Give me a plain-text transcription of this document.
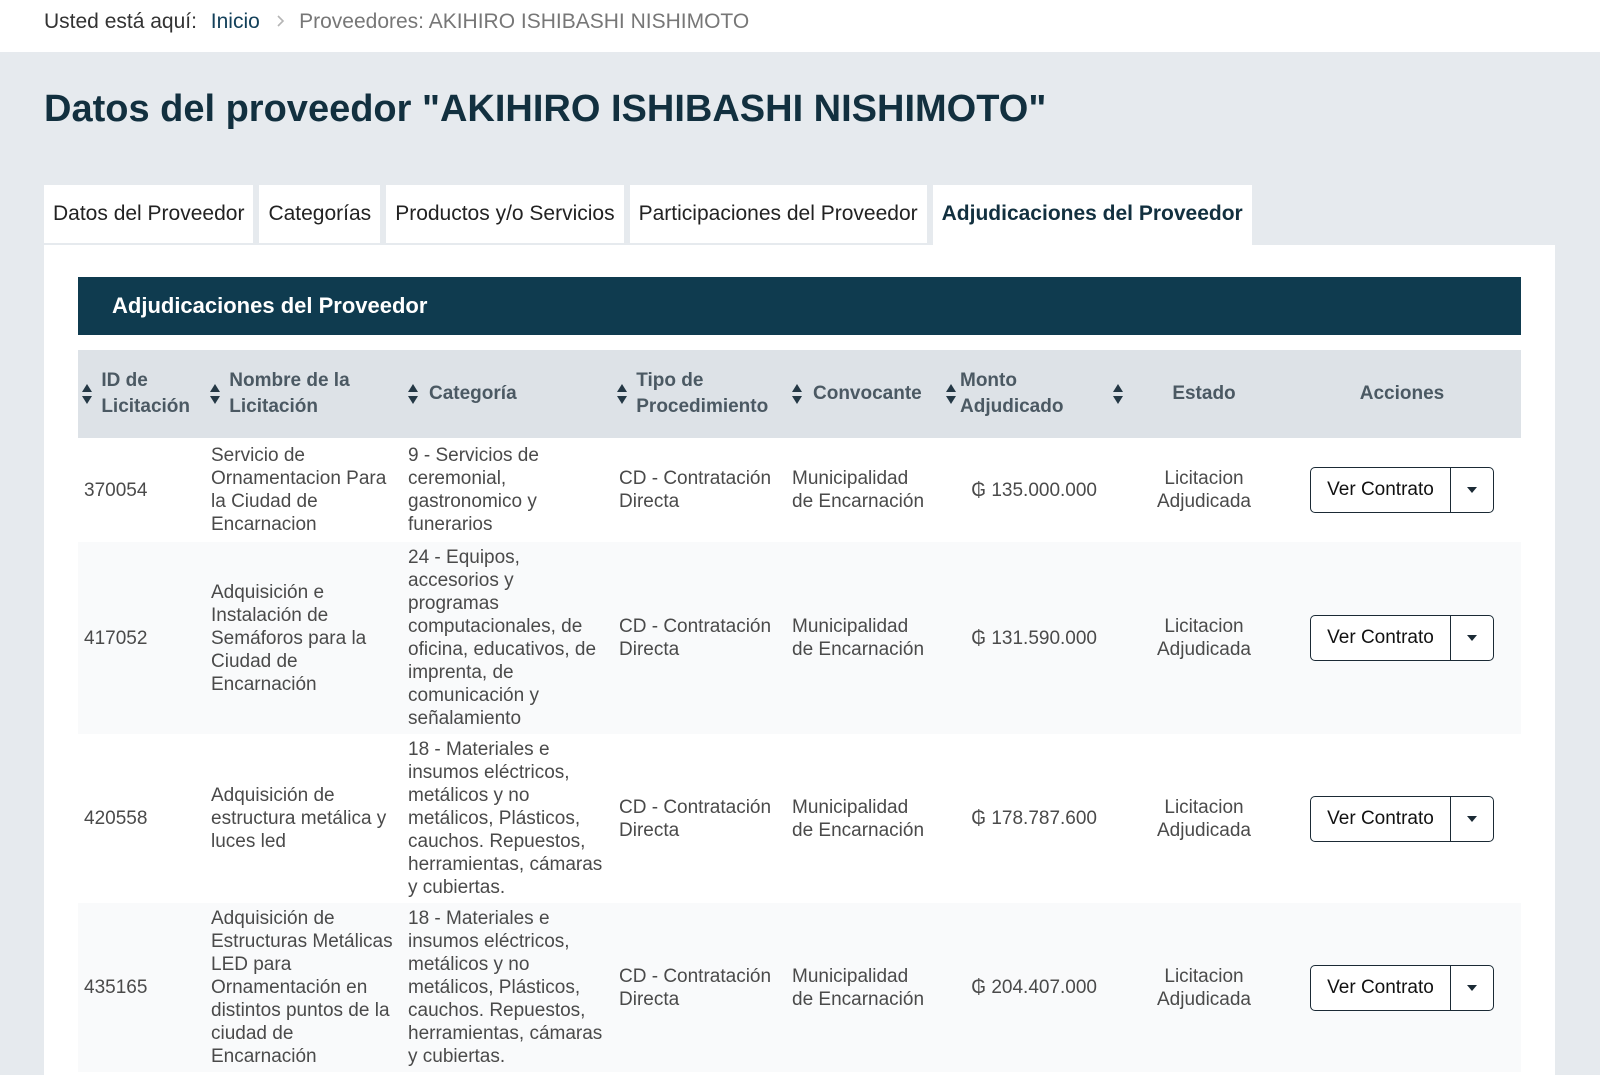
Usted está aquí: Inicio Proveedores: AKIHIRO ISHIBASHI NISHIMOTO
Datos del proveedor "AKIHIRO ISHIBASHI NISHIMOTO"
Datos del Proveedor	Categorías	Productos y/o Servicios	Participaciones del Proveedor	Adjudicaciones del Proveedor
Adjudicaciones del Proveedor
ID de Licitación	Nombre de la Licitación	Categoría	Tipo de Procedimiento	Convocante	Monto Adjudicado	Estado	Acciones
370054	Servicio de Ornamentacion Para la Ciudad de Encarnacion	9 - Servicios de ceremonial, gastronomico y funerarios	CD - Contratación Directa	Municipalidad de Encarnación	₲ 135.000.000	Licitacion Adjudicada	Ver Contrato

417052	Adquisición e Instalación de Semáforos para la Ciudad de Encarnación	24 - Equipos, accesorios y programas computacionales, de oficina, educativos, de imprenta, de comunicación y señalamiento	CD - Contratación Directa	Municipalidad de Encarnación	₲ 131.590.000	Licitacion Adjudicada	Ver Contrato

420558	Adquisición de estructura metálica y luces led	18 - Materiales e insumos eléctricos, metálicos y no metálicos, Plásticos, cauchos. Repuestos, herramientas, cámaras y cubiertas.	CD - Contratación Directa	Municipalidad de Encarnación	₲ 178.787.600	Licitacion Adjudicada	Ver Contrato

435165	Adquisición de Estructuras Metálicas LED para Ornamentación en distintos puntos de la ciudad de Encarnación	18 - Materiales e insumos eléctricos, metálicos y no metálicos, Plásticos, cauchos. Repuestos, herramientas, cámaras y cubiertas.	CD - Contratación Directa	Municipalidad de Encarnación	₲ 204.407.000	Licitacion Adjudicada	Ver Contrato
